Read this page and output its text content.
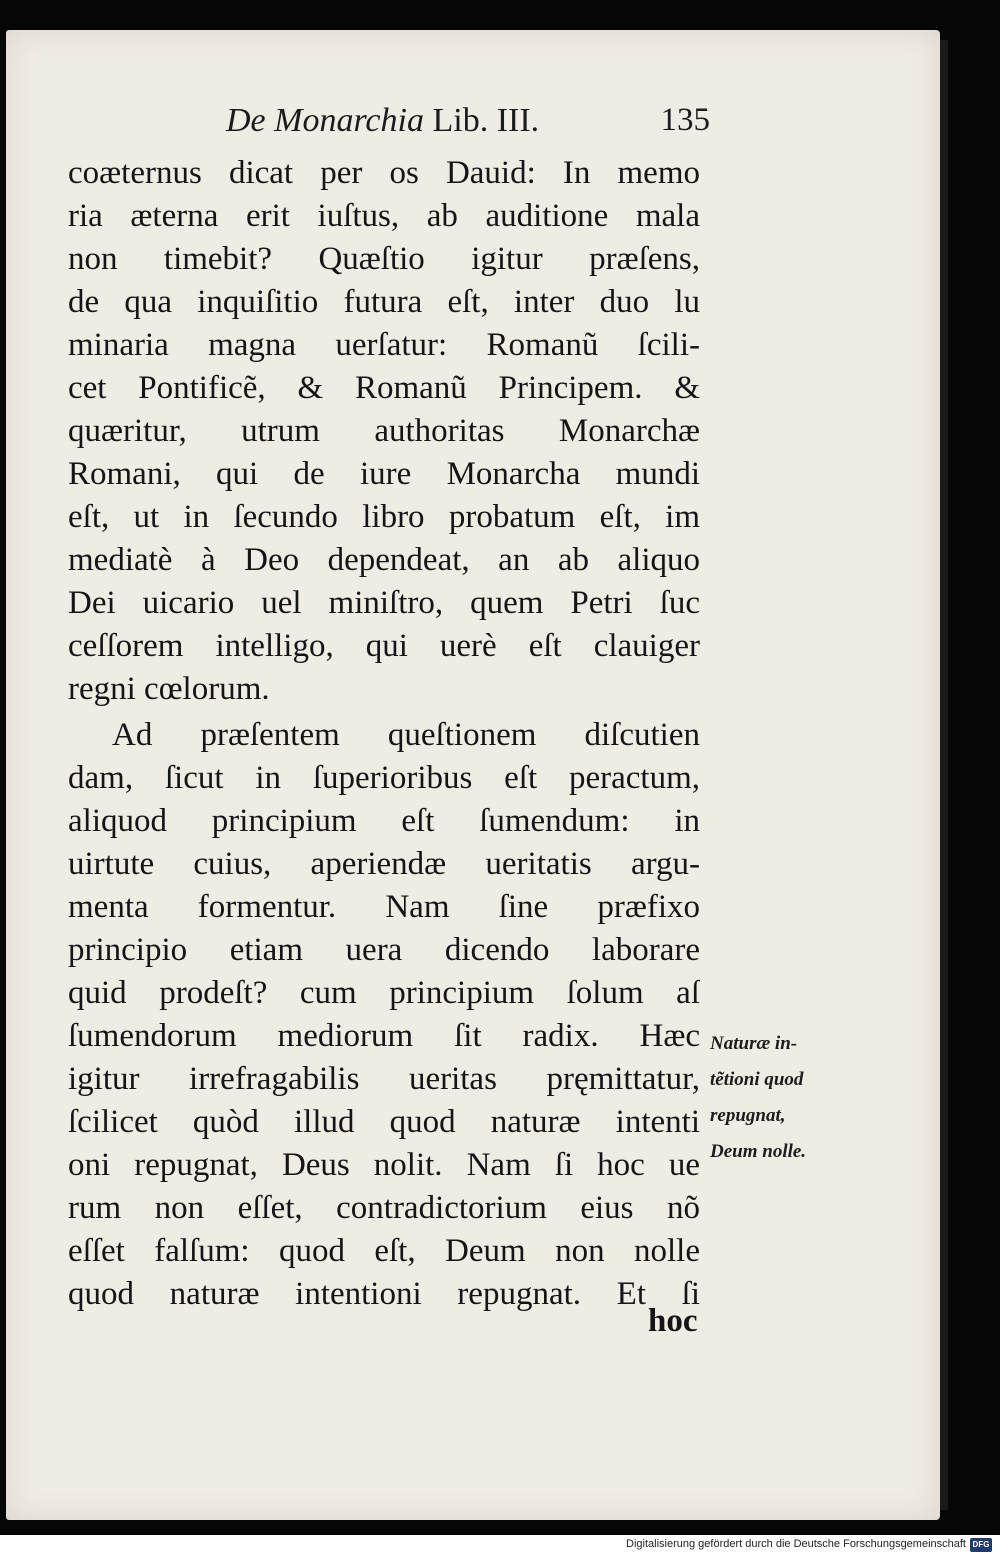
De Monarchia Lib. III.	135
coæternus dicat per os Dauid: In memo
ria æterna erit iuſtus, ab auditione mala
non timebit? Quæſtio igitur præſens,
de qua inquiſitio futura eſt, inter duo lu
minaria magna uerſatur: Romanũ ſcili-
cet Pontificẽ, & Romanũ Principem. &
quæritur, utrum authoritas Monarchæ
Romani, qui de iure Monarcha mundi
eſt, ut in ſecundo libro probatum eſt, im
mediatè à Deo dependeat, an ab aliquo
Dei uicario uel miniſtro, quem Petri ſuc
ceſſorem intelligo, qui uerè eſt clauiger
regni cœlorum.
Ad præſentem queſtionem diſcutien
dam, ſicut in ſuperioribus eſt peractum,
aliquod principium eſt ſumendum: in
uirtute cuius, aperiendæ ueritatis argu-
menta formentur. Nam ſine præfixo
principio etiam uera dicendo laborare
quid prodeſt? cum principium ſolum aſ
ſumendorum mediorum ſit radix. Hæc
igitur irrefragabilis ueritas pręmittatur,
ſcilicet quòd illud quod naturæ intenti
oni repugnat, Deus nolit. Nam ſi hoc ue
rum non eſſet, contradictorium eius nõ
eſſet falſum: quod eſt, Deum non nolle
quod naturæ intentioni repugnat. Et ſi
hoc
Naturæ in-
tẽtioni quod
repugnat,
Deum nolle.
Digitalisierung gefördert durch die Deutsche Forschungsgemeinschaft DFG
